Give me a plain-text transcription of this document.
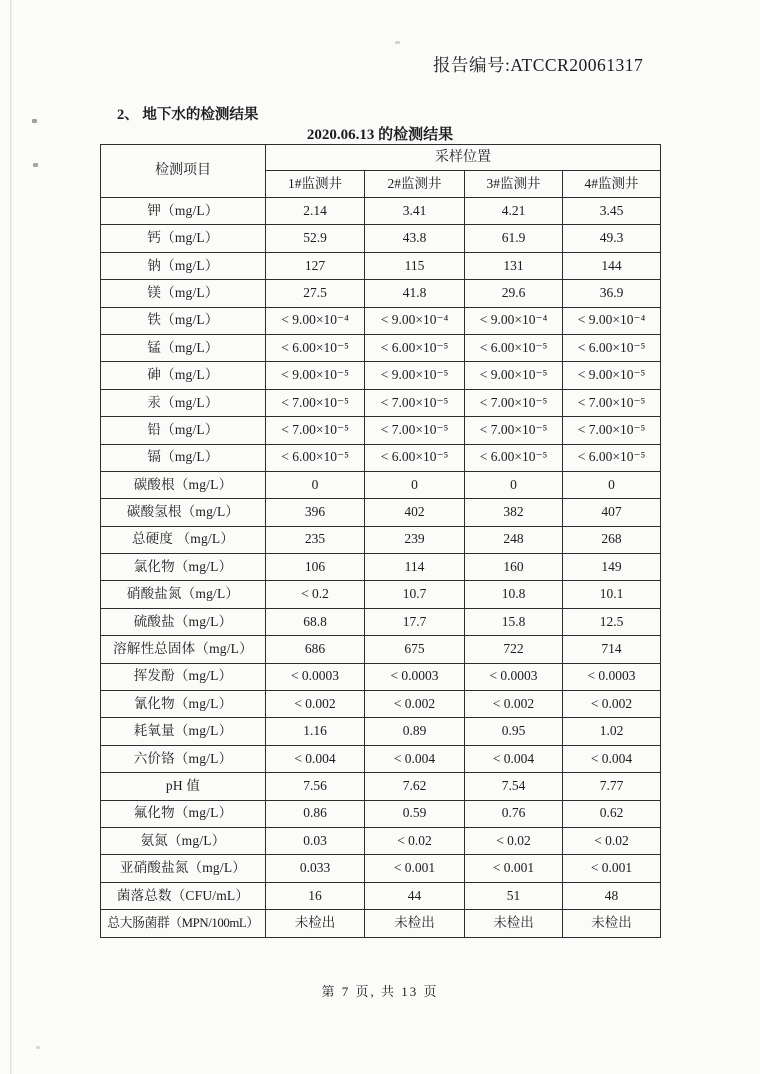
报告编号:ATCCR20061317
2、 地下水的检测结果
2020.06.13 的检测结果
检测项目	采样位置			
	1#监测井	2#监测井	3#监测井	4#监测井
钾（mg/L）	2.14	3.41	4.21	3.45
钙（mg/L）	52.9	43.8	61.9	49.3
钠（mg/L）	127	115	131	144
镁（mg/L）	27.5	41.8	29.6	36.9
铁（mg/L）	< 9.00×10⁻⁴	< 9.00×10⁻⁴	< 9.00×10⁻⁴	< 9.00×10⁻⁴
锰（mg/L）	< 6.00×10⁻⁵	< 6.00×10⁻⁵	< 6.00×10⁻⁵	< 6.00×10⁻⁵
砷（mg/L）	< 9.00×10⁻⁵	< 9.00×10⁻⁵	< 9.00×10⁻⁵	< 9.00×10⁻⁵
汞（mg/L）	< 7.00×10⁻⁵	< 7.00×10⁻⁵	< 7.00×10⁻⁵	< 7.00×10⁻⁵
铅（mg/L）	< 7.00×10⁻⁵	< 7.00×10⁻⁵	< 7.00×10⁻⁵	< 7.00×10⁻⁵
镉（mg/L）	< 6.00×10⁻⁵	< 6.00×10⁻⁵	< 6.00×10⁻⁵	< 6.00×10⁻⁵
碳酸根（mg/L）	0	0	0	0
碳酸氢根（mg/L）	396	402	382	407
总硬度 （mg/L）	235	239	248	268
氯化物（mg/L）	106	114	160	149
硝酸盐氮（mg/L）	< 0.2	10.7	10.8	10.1
硫酸盐（mg/L）	68.8	17.7	15.8	12.5
溶解性总固体（mg/L）	686	675	722	714
挥发酚（mg/L）	< 0.0003	< 0.0003	< 0.0003	< 0.0003
氰化物（mg/L）	< 0.002	< 0.002	< 0.002	< 0.002
耗氧量（mg/L）	1.16	0.89	0.95	1.02
六价铬（mg/L）	< 0.004	< 0.004	< 0.004	< 0.004
pH 值	7.56	7.62	7.54	7.77
氟化物（mg/L）	0.86	0.59	0.76	0.62
氨氮（mg/L）	0.03	< 0.02	< 0.02	< 0.02
亚硝酸盐氮（mg/L）	0.033	< 0.001	< 0.001	< 0.001
菌落总数（CFU/mL）	16	44	51	48
总大肠菌群（MPN/100mL）	未检出	未检出	未检出	未检出
第 7 页, 共 13 页
